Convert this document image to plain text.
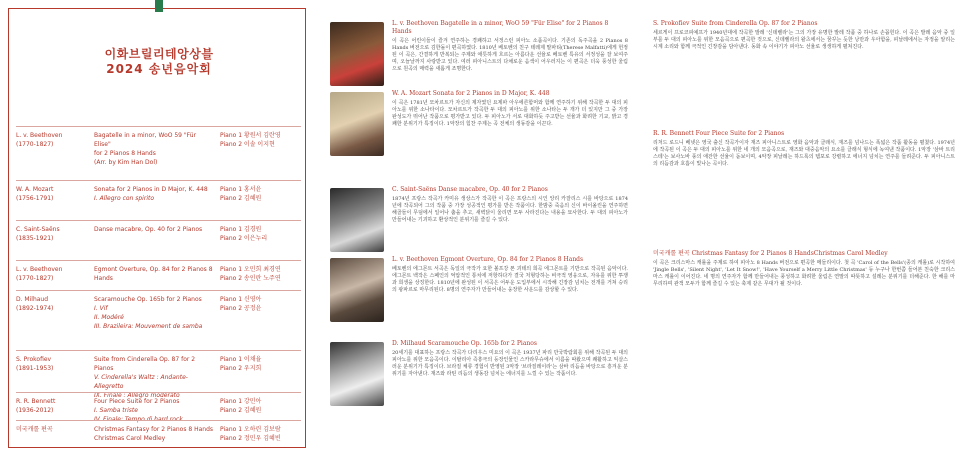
이화브릴리테앙상블
2024 송년음악회
L. v. Beethoven
(1770-1827)
Bagatelle in a minor, WoO 59 "Für Elise"
for 2 Pianos 8 Hands
(Arr. by Kim Han Dol)
Piano 1 황원서 김란영
Piano 2 이솔 이지현
W. A. Mozart
(1756-1791)
Sonata for 2 Pianos in D Major, K. 448
I. Allegro con spirito
Piano 1 홍서윤
Piano 2 김혜원
C. Saint-Saëns
(1835-1921)
Danse macabre, Op. 40 for 2 Pianos	Piano 1 김경원
Piano 2 이은누리
L. v. Beethoven
(1770-1827)
Egmont Overture, Op. 84 for 2 Pianos 8 Hands
Piano 1 오민희 최경연
Piano 2 송인란 노주연
D. Milhaud
(1892-1974)
Scaramouche Op. 165b for 2 Pianos
I. Vif
II. Modéré
III. Brazileira: Mouvement de samba
Piano 1 신영아
Piano 2 공정윤
S. Prokofiev
(1891-1953)
Suite from Cinderella Op. 87 for 2 Pianos
V. Cinderella's Waltz : Andante-Allegretto
IX. Finale : Allegro moderato
Piano 1 이채율
Piano 2 우지희
R. R. Bennett
(1936-2012)
Four Piece Suite for 2 Pianos
I. Samba triste
IV. Finale: Tempo di hard rock
Piano 1 강민아
Piano 2 김혜원
미국캐롤 편곡	Christmas Fantasy for 2 Pianos 8 Hands
Christmas Carol Medley
Piano 1 오하린 김보람
Piano 2 정민우 김혜빈
L. v. Beethoven Bagatelle in a minor, WoO 59 "Für Elise" for 2 Pianos 8 Hands
이 곡은 어린이들이 즐겨 연주하는 경쾌하고 서정스런 피아노 소품곡이다. 기존의 독주곡을 2 Pianos 8 Hands 버전으로 김한돌이 편곡하였다. 1810년 베토벤의 친구 테레제 말파티(Therese Malfatti)에게 헌정된 이 곡은, 간결하게 반복되는 주제와 애틋하게 흐르는 아름다운 선율로 베토벤 특유의 서정성을 잘 보여주며, 오늘날까지 사랑받고 있다. 여러 피아니스트의 다채로운 음색이 어우러지는 이 편곡은 더욱 풍성한 울림으로 원곡의 매력을 새롭게 조명한다.
W. A. Mozart Sonata for 2 Pianos in D Major, K. 448
이 곡은 1781년 모차르트가 자신의 제자였던 요제파 아우에른함머와 함께 연주하기 위해 작곡한 두 대의 피아노를 위한 소나타이다. 모차르트가 작곡한 두 대의 피아노를 위한 소나타는 두 개가 더 있지만 그 중 가장 완성도가 뛰어난 작품으로 평가받고 있다. 두 피아노가 서로 대화하듯 주고받는 선율과 화려한 기교, 밝고 경쾌한 분위기가 특징이다. 1악장의 힘찬 주제는 곡 전체의 생동감을 이끈다.
C. Saint-Saëns Danse macabre, Op. 40 for 2 Pianos
1874년 프랑스 작곡가 카미유 생상스가 작곡한 이 곡은 프랑스의 시인 앙리 카잘리스 시를 바탕으로 1874년에 작곡되어 그의 작품 중 가장 성공적인 평가를 받은 작품이다. 한밤중 죽음의 신이 바이올린을 연주하면 해골들이 무덤에서 일어나 춤을 추고, 새벽닭이 울리면 모두 사라진다는 내용을 묘사한다. 두 대의 피아노가 만들어내는 기괴하고 환상적인 분위기를 즐길 수 있다.
L. v. Beethoven Egmont Overture, Op. 84 for 2 Pianos 8 Hands
베토벤의 에그몬트 서곡은 독일의 극작가 요한 볼프강 폰 괴테의 희곡 에그몬트를 기반으로 작곡된 음악이다. 에그몬트 백작은 스페인의 억압적인 통치에 저항하다가 결국 처형당하는 비극적 영웅으로, 자유를 위한 투쟁과 희생을 상징한다. 1810년에 완성된 이 서곡은 어두운 도입부에서 시작해 긴장감 넘치는 전개를 거쳐 승리의 팡파르로 마무리된다. 8명의 연주자가 만들어내는 웅장한 사운드를 감상할 수 있다.
D. Milhaud Scaramouche Op. 165b for 2 Pianos
20세기를 대표하는 프랑스 작곡가 다리우스 미요의 이 곡은 1937년 파리 만국박람회를 위해 작곡된 두 대의 피아노를 위한 모음곡이다. 이탈리아 즉흥극의 등장인물인 스카라무슈에서 이름을 따왔으며 쾌활하고 익살스러운 분위기가 특징이다. 브라질 체류 경험이 반영된 3악장 '브라질레이라'는 삼바 리듬을 바탕으로 흥겨운 분위기를 자아낸다. 재즈와 라틴 리듬의 생동감 넘치는 에너지를 느낄 수 있는 작품이다.
S. Prokofiev Suite from Cinderella Op. 87 for 2 Pianos
세르게이 프로코피예프가 1940년대에 작곡한 발레 '신데렐라'는 그의 가장 유명한 발레 작품 중 하나로 손꼽힌다. 이 곡은 발레 음악 중 일부를 두 대의 피아노를 위한 모음곡으로 편곡한 것으로, 신데렐라의 왈츠에서는 꿈꾸는 듯한 낭만과 우아함을, 피날레에서는 자정을 알리는 시계 소리와 함께 극적인 긴장감을 담아낸다. 동화 속 이야기가 피아노 선율로 생생하게 펼쳐진다.
R. R. Bennett Four Piece Suite for 2 Pianos
리처드 로드니 베넷은 영국 출신 작곡가이자 재즈 피아니스트로 영화 음악과 클래식, 재즈를 넘나드는 폭넓은 작품 활동을 펼쳤다. 1974년에 작곡된 이 곡은 두 대의 피아노를 위한 네 개의 모음곡으로, 재즈와 대중음악의 요소를 클래식 형식에 녹여낸 작품이다. 1악장 '삼바 트리스테'는 보사노바 풍의 애잔한 선율이 돋보이며, 4악장 피날레는 하드록의 템포로 강렬하고 에너지 넘치는 연주를 들려준다. 두 피아니스트의 리듬감과 호흡이 빛나는 곡이다.
미국캐롤 편곡 Christmas Fantasy for 2 Pianos 8 HandsChristmas Carol Medley
이 곡은 크리스마스 캐롤을 주제로 하여 피아노 8 Hands 버전으로 편곡한 메들리이다. 첫 곡 'Carol of the Bells'(종의 캐롤)로 시작하여 'Jingle Bells', 'Silent Night', 'Let It Snow!', 'Have Yourself a Merry Little Christmas' 등 누구나 한번쯤 들어본 친숙한 크리스마스 캐롤이 이어진다. 네 명의 연주자가 함께 만들어내는 풍성하고 화려한 울림은 연말의 따뜻하고 설레는 분위기를 더해준다. 한 해를 마무리하며 관객 모두가 함께 즐길 수 있는 축제 같은 무대가 될 것이다.
